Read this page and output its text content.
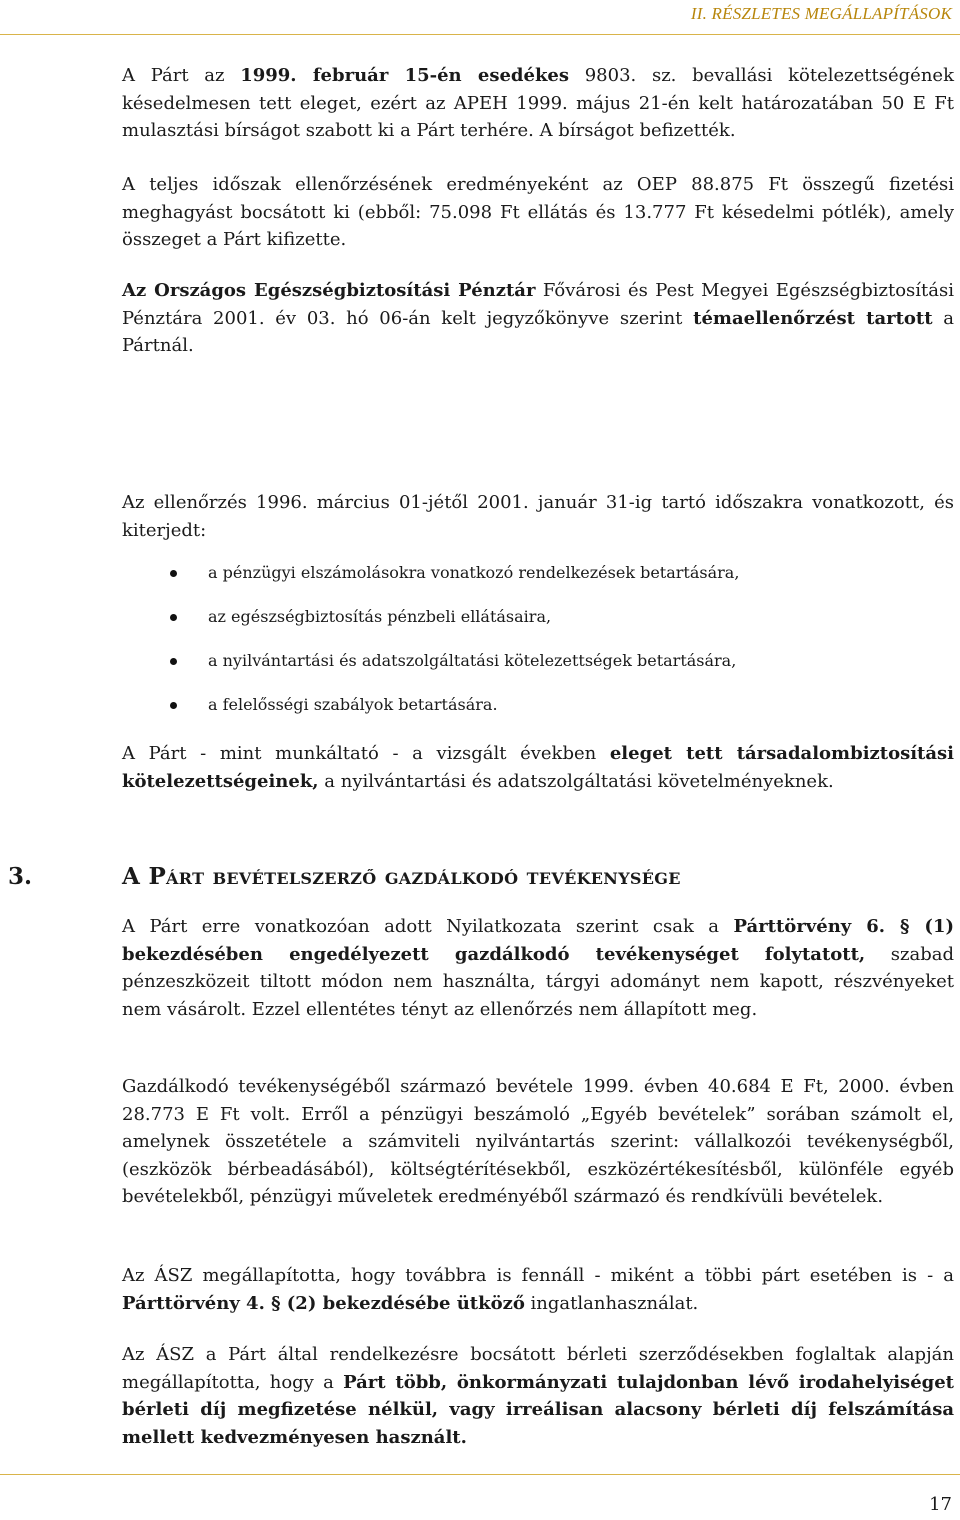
II. RÉSZLETES MEGÁLLAPÍTÁSOK

A Párt az 1999. február 15-én esedékes 9803. sz. bevallási kötelezettségének késedelmesen tett eleget, ezért az APEH 1999. május 21-én kelt határozatában 50 E Ft mulasztási bírságot szabott ki a Párt terhére. A bírságot befizették.

A teljes időszak ellenőrzésének eredményeként az OEP 88.875 Ft összegű fizetési meghagyást bocsátott ki (ebből: 75.098 Ft ellátás és 13.777 Ft késedelmi pótlék), amely összeget a Párt kifizette.

Az Országos Egészségbiztosítási Pénztár Fővárosi és Pest Megyei Egészségbiztosítási Pénztára 2001. év 03. hó 06-án kelt jegyzőkönyve szerint témaellenőrzést tartott a Pártnál.

Az ellenőrzés 1996. március 01-jétől 2001. január 31-ig tartó időszakra vonatkozott, és kiterjedt:

a pénzügyi elszámolásokra vonatkozó rendelkezések betartására,
az egészségbiztosítás pénzbeli ellátásaira,
a nyilvántartási és adatszolgáltatási kötelezettségek betartására,
a felelősségi szabályok betartására.

A Párt - mint munkáltató - a vizsgált években eleget tett társadalombiztosítási kötelezettségeinek, a nyilvántartási és adatszolgáltatási követelményeknek.

3.	A Párt bevételszerző gazdálkodó tevékenysége

A Párt erre vonatkozóan adott Nyilatkozata szerint csak a Párttörvény 6. § (1) bekezdésében engedélyezett gazdálkodó tevékenységet folytatott, szabad pénzeszközeit tiltott módon nem használta, tárgyi adományt nem kapott, részvényeket nem vásárolt. Ezzel ellentétes tényt az ellenőrzés nem állapított meg.

Gazdálkodó tevékenységéből származó bevétele 1999. évben 40.684 E Ft, 2000. évben 28.773 E Ft volt. Erről a pénzügyi beszámoló „Egyéb bevételek” sorában számolt el, amelynek összetétele a számviteli nyilvántartás szerint: vállalkozói tevékenységből, (eszközök bérbeadásából), költségtérítésekből, eszközértékesítésből, különféle egyéb bevételekből, pénzügyi műveletek eredményéből származó és rendkívüli bevételek.

Az ÁSZ megállapította, hogy továbbra is fennáll - miként a többi párt esetében is - a Párttörvény 4. § (2) bekezdésébe ütköző ingatlanhasználat.

Az ÁSZ a Párt által rendelkezésre bocsátott bérleti szerződésekben foglaltak alapján megállapította, hogy a Párt több, önkormányzati tulajdonban lévő irodahelyiséget bérleti díj megfizetése nélkül, vagy irreálisan alacsony bérleti díj felszámítása mellett kedvezményesen használt.

17
